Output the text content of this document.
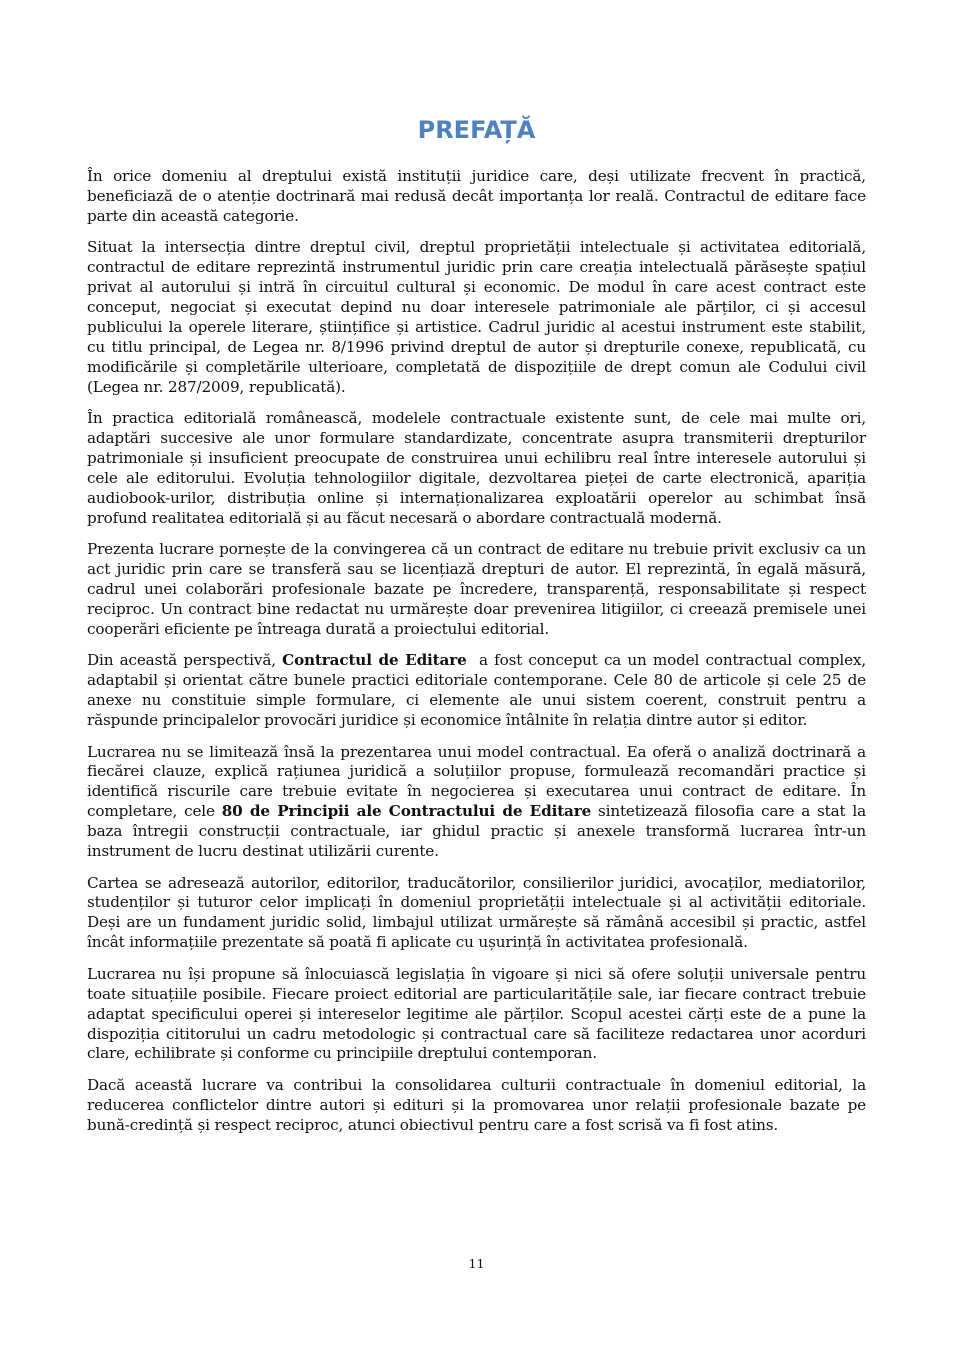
PREFAȚĂ

În orice domeniu al dreptului există instituții juridice care, deși utilizate frecvent în practică, beneficiază de o atenție doctrinară mai redusă decât importanța lor reală. Contractul de editare face parte din această categorie.

Situat la intersecția dintre dreptul civil, dreptul proprietății intelectuale și activitatea editorială, contractul de editare reprezintă instrumentul juridic prin care creația intelectuală părăsește spațiul privat al autorului și intră în circuitul cultural și economic. De modul în care acest contract este conceput, negociat și executat depind nu doar interesele patrimoniale ale părților, ci și accesul publicului la operele literare, științifice și artistice. Cadrul juridic al acestui instrument este stabilit, cu titlu principal, de Legea nr. 8/1996 privind dreptul de autor și drepturile conexe, republicată, cu modificările și completările ulterioare, completată de dispozițiile de drept comun ale Codului civil (Legea nr. 287/2009, republicată).

În practica editorială românească, modelele contractuale existente sunt, de cele mai multe ori, adaptări succesive ale unor formulare standardizate, concentrate asupra transmiterii drepturilor patrimoniale și insuficient preocupate de construirea unui echilibru real între interesele autorului și cele ale editorului. Evoluția tehnologiilor digitale, dezvoltarea pieței de carte electronică, apariția audiobook-urilor, distribuția online și internaționalizarea exploatării operelor au schimbat însă profund realitatea editorială și au făcut necesară o abordare contractuală modernă.

Prezenta lucrare pornește de la convingerea că un contract de editare nu trebuie privit exclusiv ca un act juridic prin care se transferă sau se licențiază drepturi de autor. El reprezintă, în egală măsură, cadrul unei colaborări profesionale bazate pe încredere, transparență, responsabilitate și respect reciproc. Un contract bine redactat nu urmărește doar prevenirea litigiilor, ci creează premisele unei cooperări eficiente pe întreaga durată a proiectului editorial.

Din această perspectivă, Contractul de Editare  a fost conceput ca un model contractual complex, adaptabil și orientat către bunele practici editoriale contemporane. Cele 80 de articole și cele 25 de anexe nu constituie simple formulare, ci elemente ale unui sistem coerent, construit pentru a răspunde principalelor provocări juridice și economice întâlnite în relația dintre autor și editor.

Lucrarea nu se limitează însă la prezentarea unui model contractual. Ea oferă o analiză doctrinară a fiecărei clauze, explică rațiunea juridică a soluțiilor propuse, formulează recomandări practice și identifică riscurile care trebuie evitate în negocierea și executarea unui contract de editare. În completare, cele 80 de Principii ale Contractului de Editare sintetizează filosofia care a stat la baza întregii construcții contractuale, iar ghidul practic și anexele transformă lucrarea într-un instrument de lucru destinat utilizării curente.

Cartea se adresează autorilor, editorilor, traducătorilor, consilierilor juridici, avocaților, mediatorilor, studenților și tuturor celor implicați în domeniul proprietății intelectuale și al activității editoriale. Deși are un fundament juridic solid, limbajul utilizat urmărește să rămână accesibil și practic, astfel încât informațiile prezentate să poată fi aplicate cu ușurință în activitatea profesională.

Lucrarea nu își propune să înlocuiască legislația în vigoare și nici să ofere soluții universale pentru toate situațiile posibile. Fiecare proiect editorial are particularitățile sale, iar fiecare contract trebuie adaptat specificului operei și intereselor legitime ale părților. Scopul acestei cărți este de a pune la dispoziția cititorului un cadru metodologic și contractual care să faciliteze redactarea unor acorduri clare, echilibrate și conforme cu principiile dreptului contemporan.

Dacă această lucrare va contribui la consolidarea culturii contractuale în domeniul editorial, la reducerea conflictelor dintre autori și edituri și la promovarea unor relații profesionale bazate pe bună-credință și respect reciproc, atunci obiectivul pentru care a fost scrisă va fi fost atins.

11
